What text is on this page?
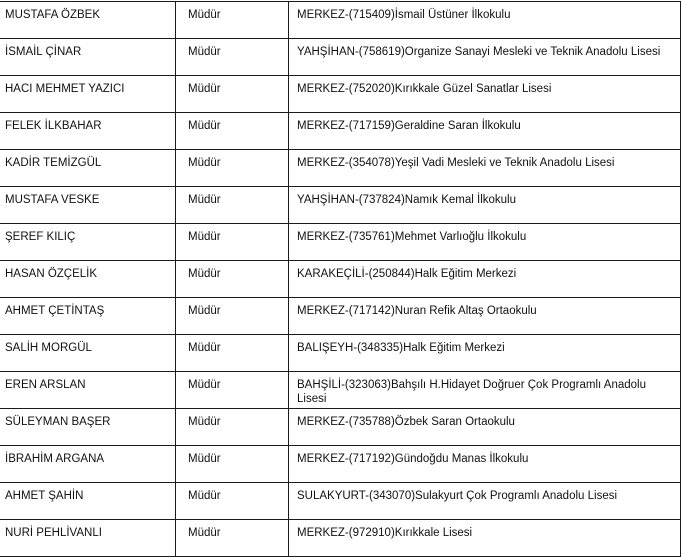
MUSTAFA ÖZBEK	Müdür	MERKEZ-(715409)İsmail Üstüner İlkokulu

İSMAİL ÇİNAR	Müdür	YAHŞİHAN-(758619)Organize Sanayi Mesleki ve Teknik Anadolu Lisesi

HACI MEHMET YAZICI	Müdür	MERKEZ-(752020)Kırıkkale Güzel Sanatlar Lisesi

FELEK İLKBAHAR	Müdür	MERKEZ-(717159)Geraldine Saran İlkokulu

KADİR TEMİZGÜL	Müdür	MERKEZ-(354078)Yeşil Vadi Mesleki ve Teknik Anadolu Lisesi

MUSTAFA VESKE	Müdür	YAHŞİHAN-(737824)Namık Kemal İlkokulu

ŞEREF KILIÇ	Müdür	MERKEZ-(735761)Mehmet Varlıoğlu İlkokulu

HASAN ÖZÇELİK	Müdür	KARAKEÇİLİ-(250844)Halk Eğitim Merkezi

AHMET ÇETİNTAŞ	Müdür	MERKEZ-(717142)Nuran Refik Altaş Ortaokulu

SALİH MORGÜL	Müdür	BALIŞEYH-(348335)Halk Eğitim Merkezi

EREN ARSLAN	Müdür	BAHŞİLİ-(323063)Bahşılı H.Hidayet Doğruer Çok Programlı Anadolu Lisesi

SÜLEYMAN BAŞER	Müdür	MERKEZ-(735788)Özbek Saran Ortaokulu

İBRAHİM ARGANA	Müdür	MERKEZ-(717192)Gündoğdu Manas İlkokulu

AHMET ŞAHİN	Müdür	SULAKYURT-(343070)Sulakyurt Çok Programlı Anadolu Lisesi

NURİ PEHLİVANLI	Müdür	MERKEZ-(972910)Kırıkkale Lisesi
